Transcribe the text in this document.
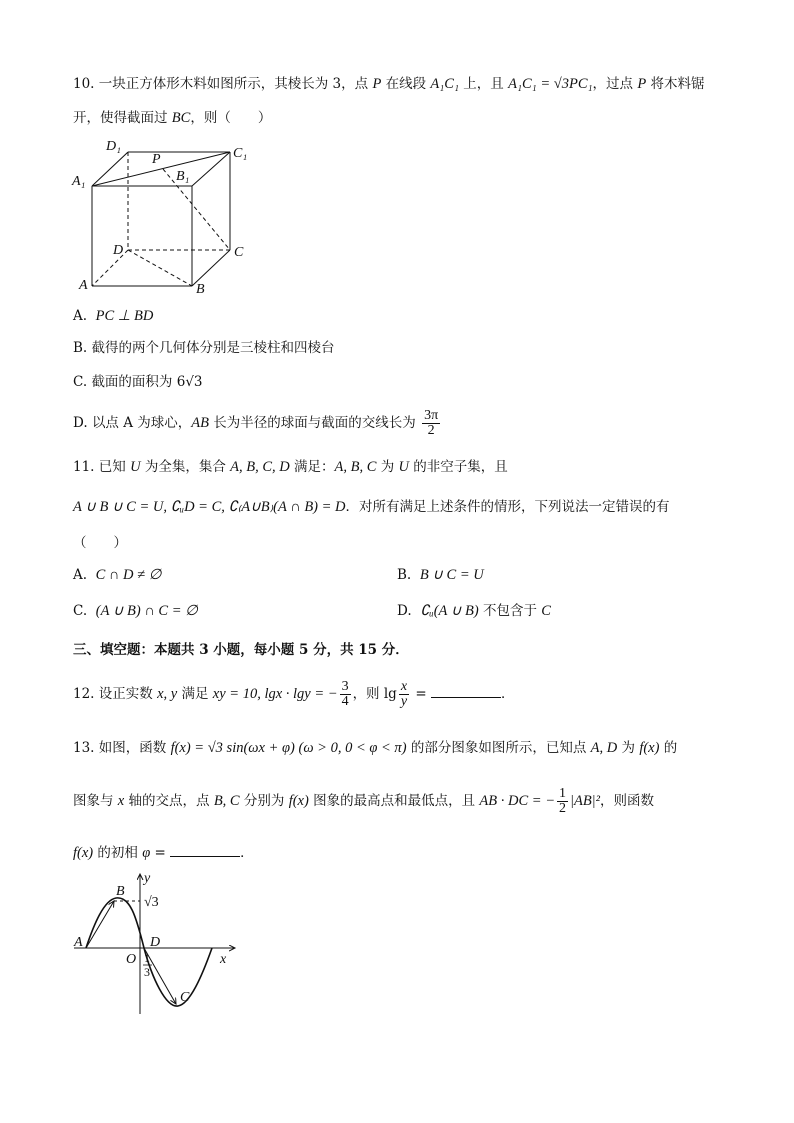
10. 一块正方体形木料如图所示，其棱长为 3，点 P 在线段 A₁C₁ 上，且 A₁C₁ = √3PC₁，过点 P 将木料锯
开，使得截面过 BC，则（　　）
D₁
P	C₁
A₁	B₁
D	C
A	B
A. PC ⊥ BD
B. 截得的两个几何体分别是三棱柱和四棱台
C. 截面的面积为 6√3
D. 以点 A 为球心，AB 长为半径的球面与截面的交线长为 $\frac{3\pi}{2}$
11. 已知 U 为全集，集合 A, B, C, D 满足：A, B, C 为 U 的非空子集，且
A ∪ B ∪ C = U, ∁ᵤD = C, ∁₍A∪B₎(A ∩ B) = D．对所有满足上述条件的情形，下列说法一定错误的有
（　　）
A. C ∩ D ≠ ∅	B. B ∪ C = U
C. (A ∪ B) ∩ C = ∅	D. ∁ᵤ(A ∪ B) 不包含于 C
三、填空题：本题共 3 小题，每小题 5 分，共 15 分．
12. 设正实数 x, y 满足 xy = 10, lgx · lgy = − $\frac{3}{4}$ ，则 $\lg \frac{x}{y}$ =	．
13. 如图，函数 f(x) = √3 sin(ωx + φ) (ω > 0, 0 < φ < π) 的部分图象如图所示，已知点 A, D 为 f(x) 的
图象与 x 轴的交点，点 B, C 分别为 f(x) 图象的最高点和最低点，且 AB · DC = − $\frac{1}{2} |AB|^2$，则函数
f(x) 的初相 φ =	．
y
B
√3
A	D
O	x
1
3
C
